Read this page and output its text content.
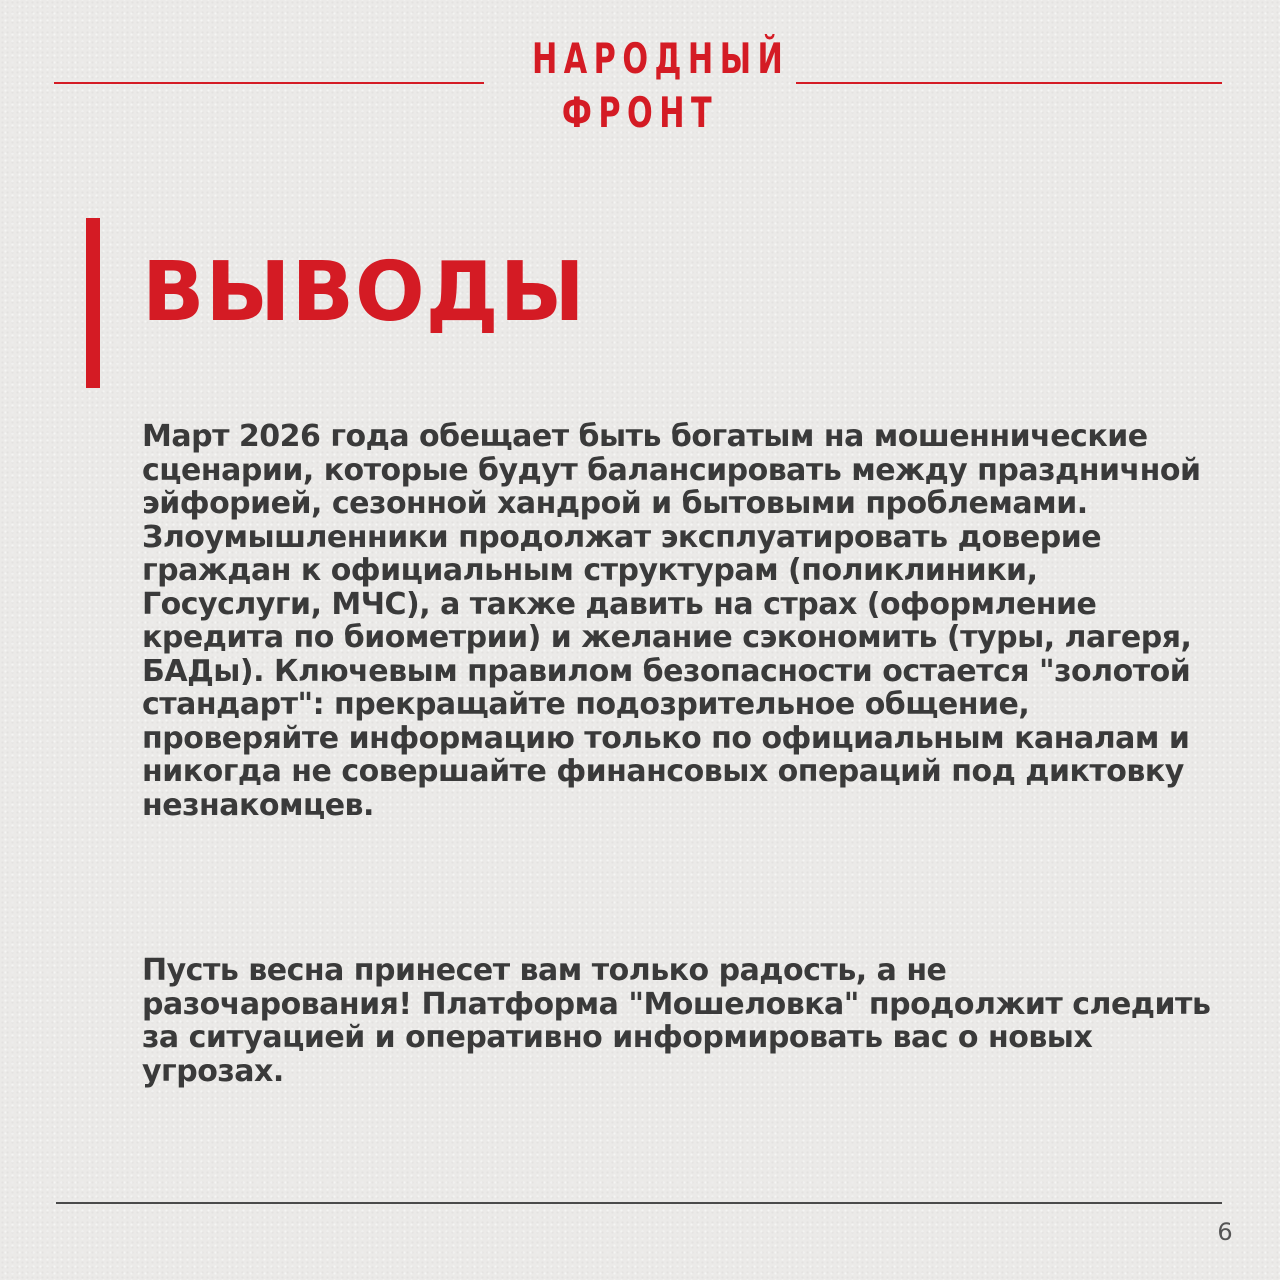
НАРОДНЫЙ
ФРОНТ
ВЫВОДЫ

Март 2026 года обещает быть богатым на мошеннические сценарии, которые будут балансировать между праздничной эйфорией, сезонной хандрой и бытовыми проблемами. Злоумышленники продолжат эксплуатировать доверие граждан к официальным структурам (поликлиники, Госуслуги, МЧС), а также давить на страх (оформление кредита по биометрии) и желание сэкономить (туры, лагеря, БАДы). Ключевым правилом безопасности остается "золотой стандарт": прекращайте подозрительное общение, проверяйте информацию только по официальным каналам и никогда не совершайте финансовых операций под диктовку незнакомцев.

Пусть весна принесет вам только радость, а не разочарования! Платформа "Мошеловка" продолжит следить за ситуацией и оперативно информировать вас о новых угрозах.

6
